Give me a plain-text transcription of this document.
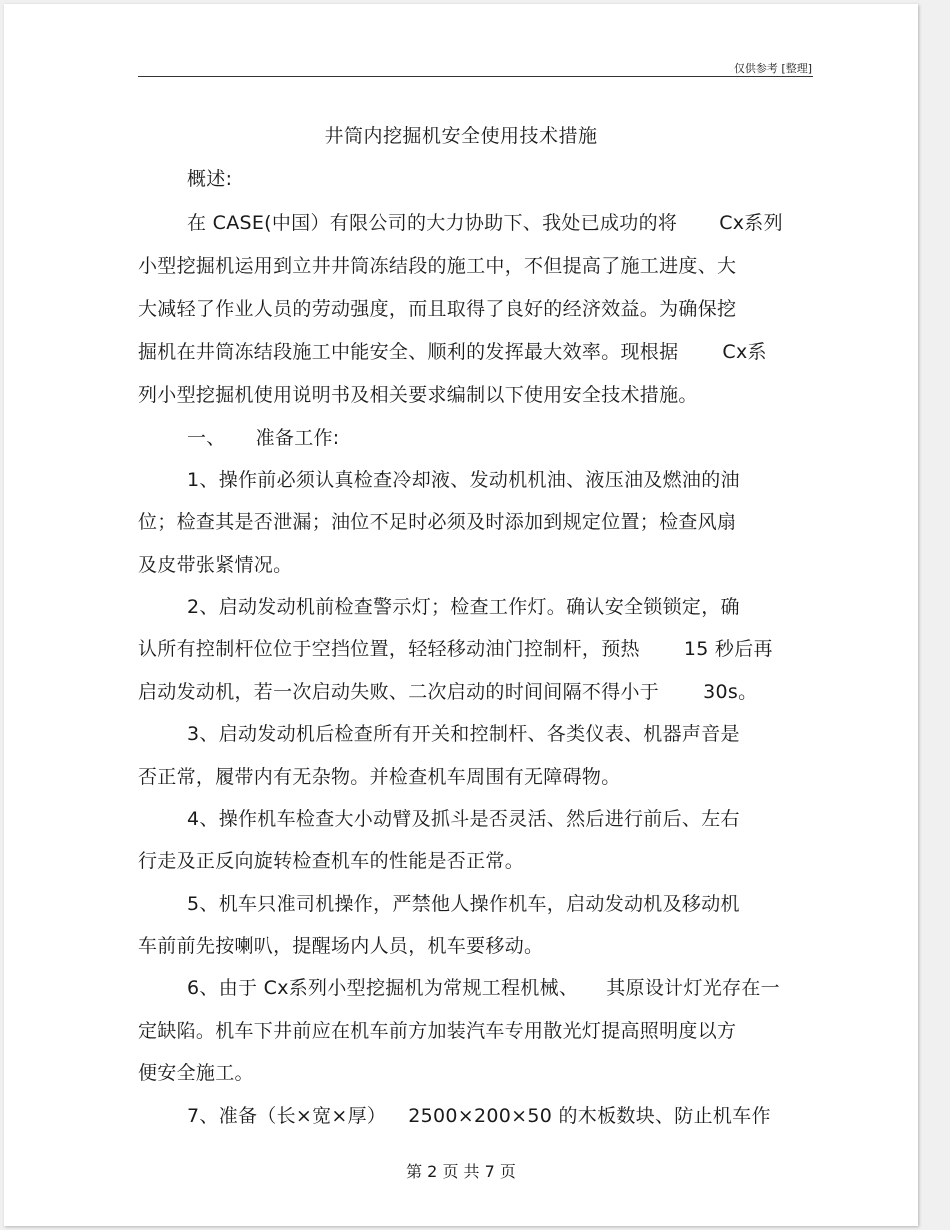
仅供参考 [整理]
井筒内挖掘机安全使用技术措施
概述:
在 CASE(中国）有限公司的大力协助下、我处已成功的将 Cx系列
小型挖掘机运用到立井井筒冻结段的施工中，不但提高了施工进度、大
大减轻了作业人员的劳动强度，而且取得了良好的经济效益。为确保挖
掘机在井筒冻结段施工中能安全、顺利的发挥最大效率。现根据 Cx系
列小型挖掘机使用说明书及相关要求编制以下使用安全技术措施。
一、 准备工作:
1、操作前必须认真检查冷却液、发动机机油、液压油及燃油的油
位；检查其是否泄漏；油位不足时必须及时添加到规定位置；检查风扇
及皮带张紧情况。
2、启动发动机前检查警示灯；检查工作灯。确认安全锁锁定，确
认所有控制杆位位于空挡位置，轻轻移动油门控制杆，预热 15 秒后再
启动发动机，若一次启动失败、二次启动的时间间隔不得小于 30s。
3、启动发动机后检查所有开关和控制杆、各类仪表、机器声音是
否正常，履带内有无杂物。并检查机车周围有无障碍物。
4、操作机车检查大小动臂及抓斗是否灵活、然后进行前后、左右
行走及正反向旋转检查机车的性能是否正常。
5、机车只准司机操作，严禁他人操作机车，启动发动机及移动机
车前前先按喇叭，提醒场内人员，机车要移动。
6、由于 Cx系列小型挖掘机为常规工程机械、 其原设计灯光存在一
定缺陷。机车下井前应在机车前方加装汽车专用散光灯提高照明度以方
便安全施工。
7、准备（长×宽×厚） 2500×200×50 的木板数块、防止机车作
第 2 页 共 7 页
